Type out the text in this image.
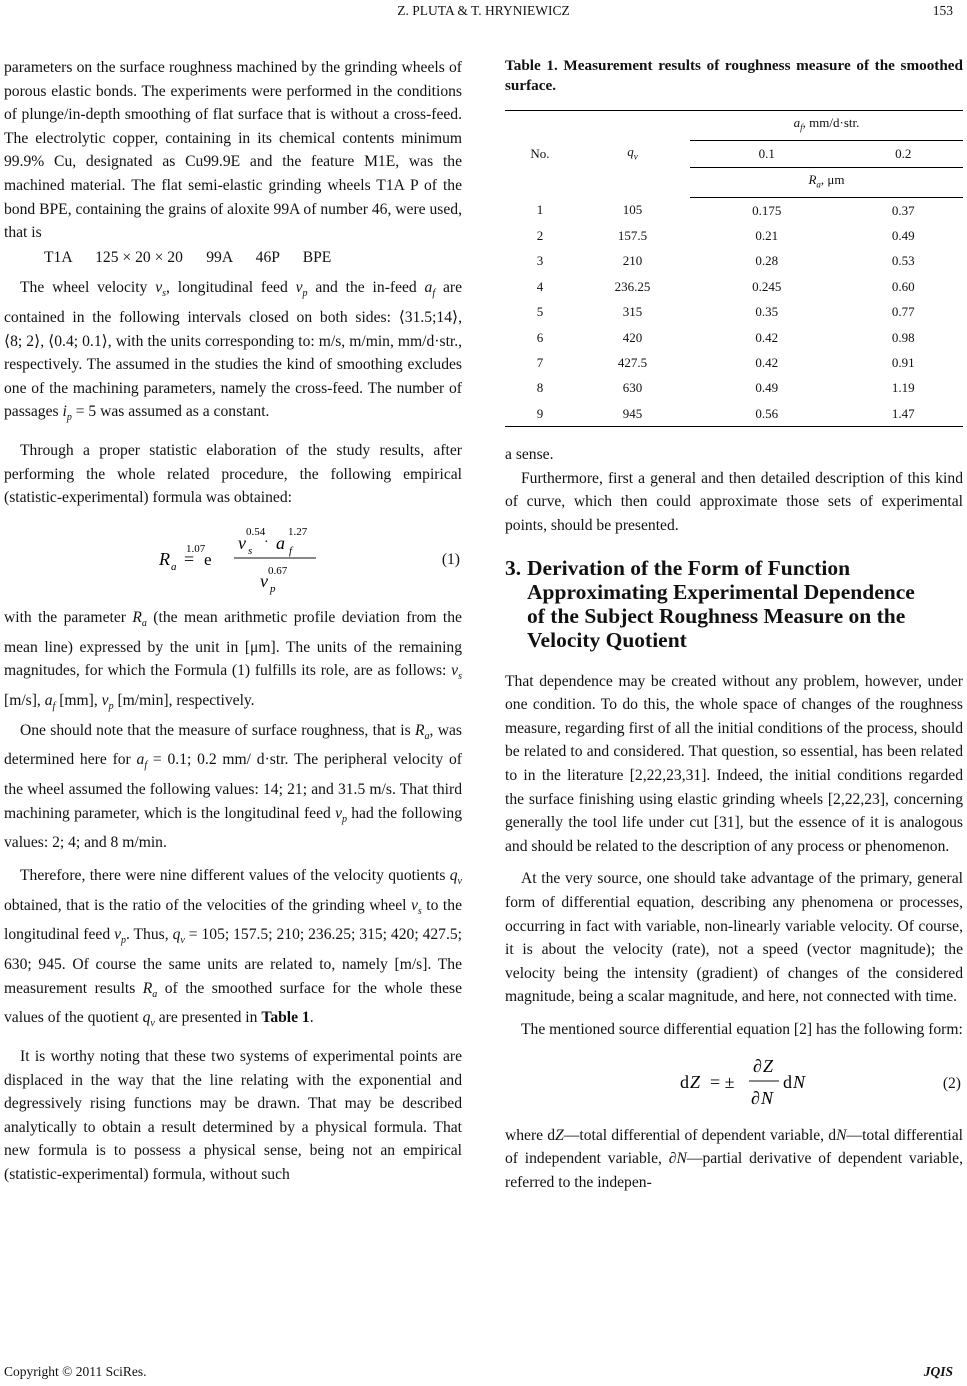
Z. PLUTA & T. HRYNIEWICZ	153

parameters on the surface roughness machined by the grinding wheels of porous elastic bonds. The experiments were performed in the conditions of plunge/in-depth smoothing of flat surface that is without a cross-feed. The electrolytic copper, containing in its chemical contents minimum 99.9% Cu, designated as Cu99.9E and the feature M1E, was the machined material. The flat semi-elastic grinding wheels T1A P of the bond BPE, containing the grains of aloxite 99A of number 46, were used, that is

T1A      125 × 20 × 20      99A      46P      BPE

The wheel velocity $v_s$, longitudinal feed $v_p$ and the in-feed $a_f$ are contained in the following intervals closed on both sides: ⟨31.5;14⟩, ⟨8; 2⟩, ⟨0.4; 0.1⟩, with the units corresponding to: m/s, m/min, mm/d·str., respectively. The assumed in the studies the kind of smoothing excludes one of the machining parameters, namely the cross-feed. The number of passages $i_p = 5$ was assumed as a constant.

Through a proper statistic elaboration of the study results, after performing the whole related procedure, the following empirical (statistic-experimental) formula was obtained:

R a = e
1.07 v s
0.54
· a f
1.27
v p
0.67
(1)

with the parameter $R_a$ (the mean arithmetic profile deviation from the mean line) expressed by the unit in [μm]. The units of the remaining magnitudes, for which the Formula (1) fulfills its role, are as follows: $v_s$ [m/s], $a_f$ [mm], $v_p$ [m/min], respectively.

One should note that the measure of surface roughness, that is $R_a$, was determined here for $a_f = 0.1$; 0.2 mm/ d·str. The peripheral velocity of the wheel assumed the following values: 14; 21; and 31.5 m/s. That third machining parameter, which is the longitudinal feed $v_p$ had the following values: 2; 4; and 8 m/min.

Therefore, there were nine different values of the velocity quotients $q_v$ obtained, that is the ratio of the velocities of the grinding wheel $v_s$ to the longitudinal feed $v_p$. Thus, $q_v = 105$; 157.5; 210; 236.25; 315; 420; 427.5; 630; 945. Of course the same units are related to, namely [m/s]. The measurement results $R_a$ of the smoothed surface for the whole these values of the quotient $q_v$ are presented in Table 1.

It is worthy noting that these two systems of experimental points are displaced in the way that the line relating with the exponential and degressively rising functions may be drawn. That may be described analytically to obtain a result determined by a physical formula. That new formula is to possess a physical sense, being not an empirical (statistic-experimental) formula, without such

Table 1. Measurement results of roughness measure of the smoothed surface.
No.	$q_v$	$a_f$, mm/d·str.	
		0.1	0.2
		$R_a$, μm	
1	105	0.175	0.37
2	157.5	0.21	0.49
3	210	0.28	0.53
4	236.25	0.245	0.60
5	315	0.35	0.77
6	420	0.42	0.98
7	427.5	0.42	0.91
8	630	0.49	1.19
9	945	0.56	1.47

a sense.

Furthermore, first a general and then detailed description of this kind of curve, which then could approximate those sets of experimental points, should be presented.

3. Derivation of the Form of Function
Approximating Experimental Dependence
of the Subject Roughness Measure on the
Velocity Quotient

That dependence may be created without any problem, however, under one condition. To do this, the whole space of changes of the roughness measure, regarding first of all the initial conditions of the process, should be related to and considered. That question, so essential, has been related to in the literature [2,22,23,31]. Indeed, the initial conditions regarded the surface finishing using elastic grinding wheels [2,22,23], concerning generally the tool life under cut [31], but the essence of it is analogous and should be related to the description of any process or phenomenon.

At the very source, one should take advantage of the primary, general form of differential equation, describing any phenomena or processes, occurring in fact with variable, non-linearly variable velocity. Of course, it is about the velocity (rate), not a speed (vector magnitude); the velocity being the intensity (gradient) of changes of the considered magnitude, being a scalar magnitude, and here, not connected with time.

The mentioned source differential equation [2] has the following form:

d Z = ±
∂ Z
∂ N
d N	(2)

where dZ—total differential of dependent variable, dN—total differential of independent variable, ∂N—partial derivative of dependent variable, referred to the indepen-

Copyright © 2011 SciRes.	JQIS
